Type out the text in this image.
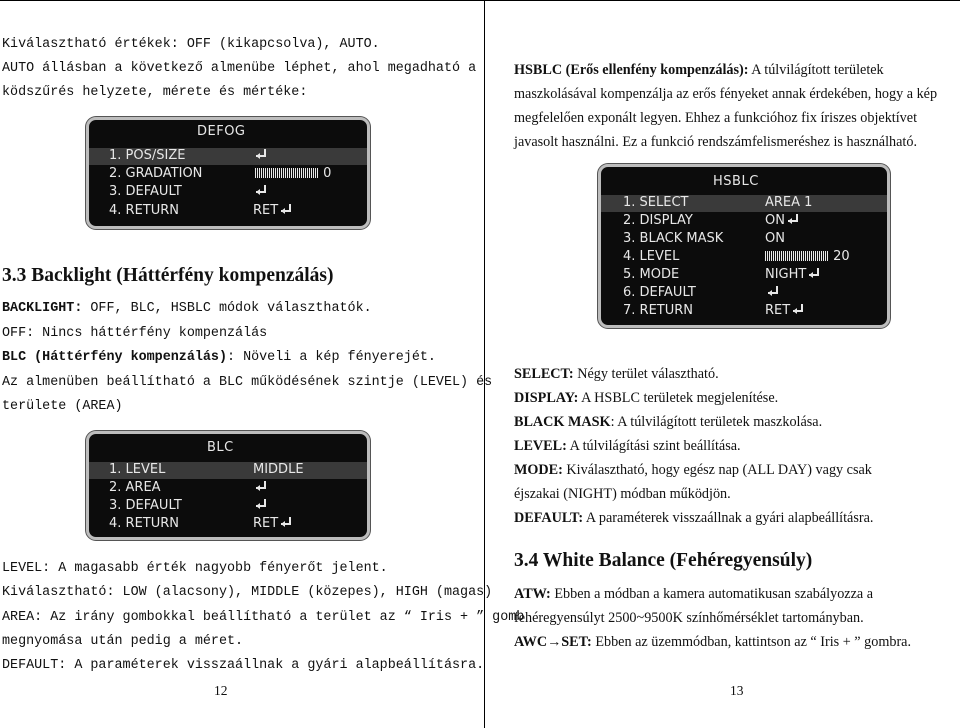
Kiválasztható értékek: OFF (kikapcsolva), AUTO.
AUTO állásban a következő almenübe léphet, ahol megadható a
ködszűrés helyzete, mérete és mértéke:
DEFOG
1. POS/SIZE
2. GRADATION	0
3. DEFAULT
4. RETURN	RET
3.3 Backlight (Háttérfény kompenzálás)
BACKLIGHT: OFF, BLC, HSBLC módok választhatók.
OFF: Nincs háttérfény kompenzálás
BLC (Háttérfény kompenzálás): Növeli a kép fényerejét.
Az almenüben beállítható a BLC működésének szintje (LEVEL) és
területe (AREA)
BLC
1. LEVEL	MIDDLE
2. AREA
3. DEFAULT
4. RETURN	RET
LEVEL: A magasabb érték nagyobb fényerőt jelent.
Kiválasztható: LOW (alacsony), MIDDLE (közepes), HIGH (magas)
AREA: Az irány gombokkal beállítható a terület az “ Iris + ” gomb
megnyomása után pedig a méret.
DEFAULT: A paraméterek visszaállnak a gyári alapbeállításra.
12
HSBLC (Erős ellenfény kompenzálás): A túlvilágított területek
maszkolásával kompenzálja az erős fényeket annak érdekében, hogy a kép
megfelelően exponált legyen. Ehhez a funkcióhoz fix íriszes objektívet
javasolt használni. Ez a funkció rendszámfelismeréshez is használható.
HSBLC
1. SELECT	AREA 1
2. DISPLAY	ON
3. BLACK MASK	ON
4. LEVEL	20
5. MODE	NIGHT
6. DEFAULT
7. RETURN	RET
SELECT: Négy terület választható.
DISPLAY: A HSBLC területek megjelenítése.
BLACK MASK: A túlvilágított területek maszkolása.
LEVEL: A túlvilágítási szint beállítása.
MODE: Kiválasztható, hogy egész nap (ALL DAY) vagy csak
éjszakai (NIGHT) módban működjön.
DEFAULT: A paraméterek visszaállnak a gyári alapbeállításra.
3.4 White Balance (Fehéregyensúly)
ATW: Ebben a módban a kamera automatikusan szabályozza a
fehéregyensúlyt 2500~9500K színhőmérséklet tartományban.
AWC→SET: Ebben az üzemmódban, kattintson az “ Iris + ” gombra.
13
